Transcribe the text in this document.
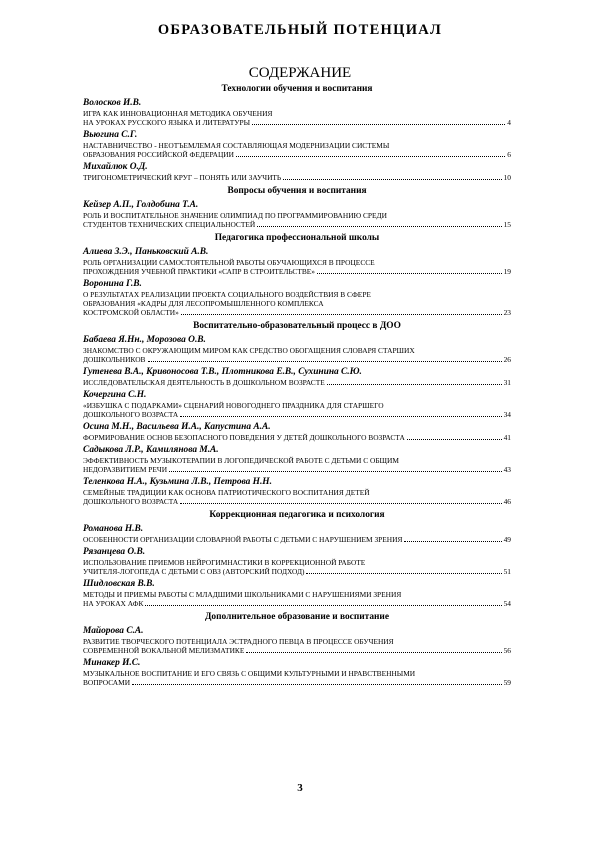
ОБРАЗОВАТЕЛЬНЫЙ ПОТЕНЦИАЛ
СОДЕРЖАНИЕ
Технологии обучения и воспитания
Волосков И.В.
ИГРА КАК ИННОВАЦИОННАЯ МЕТОДИКА ОБУЧЕНИЯ
НА УРОКАХ РУССКОГО ЯЗЫКА И ЛИТЕРАТУРЫ	4
Вьюгина С.Г.
НАСТАВНИЧЕСТВО - НЕОТЪЕМЛЕМАЯ СОСТАВЛЯЮЩАЯ МОДЕРНИЗАЦИИ СИСТЕМЫ
ОБРАЗОВАНИЯ РОССИЙСКОЙ ФЕДЕРАЦИИ	6
Михайлюк О.Д.
ТРИГОНОМЕТРИЧЕСКИЙ КРУГ – ПОНЯТЬ ИЛИ ЗАУЧИТЬ	10
Вопросы обучения и воспитания
Кейзер А.П., Голдобина Т.А.
РОЛЬ И ВОСПИТАТЕЛЬНОЕ ЗНАЧЕНИЕ ОЛИМПИАД ПО ПРОГРАММИРОВАНИЮ СРЕДИ
СТУДЕНТОВ ТЕХНИЧЕСКИХ СПЕЦИАЛЬНОСТЕЙ	15
Педагогика профессиональной школы
Алиева З.Э., Паньковский А.В.
РОЛЬ ОРГАНИЗАЦИИ САМОСТОЯТЕЛЬНОЙ РАБОТЫ ОБУЧАЮЩИХСЯ В ПРОЦЕССЕ
ПРОХОЖДЕНИЯ УЧЕБНОЙ ПРАКТИКИ «САПР В СТРОИТЕЛЬСТВЕ»	19
Воронина Г.В.
О РЕЗУЛЬТАТАХ РЕАЛИЗАЦИИ ПРОЕКТА СОЦИАЛЬНОГО ВОЗДЕЙСТВИЯ В СФЕРЕ
ОБРАЗОВАНИЯ «КАДРЫ ДЛЯ ЛЕСОПРОМЫШЛЕННОГО КОМПЛЕКСА
КОСТРОМСКОЙ ОБЛАСТИ»	23
Воспитательно-образовательный процесс в ДОО
Бабаева Я.Нн., Морозова О.В.
ЗНАКОМСТВО С ОКРУЖАЮЩИМ МИРОМ КАК СРЕДСТВО ОБОГАЩЕНИЯ СЛОВАРЯ СТАРШИХ
ДОШКОЛЬНИКОВ	26
Гутенева В.А., Кривоносова Т.В., Плотникова Е.В., Сухинина С.Ю.
ИССЛЕДОВАТЕЛЬСКАЯ ДЕЯТЕЛЬНОСТЬ В ДОШКОЛЬНОМ ВОЗРАСТЕ	31
Кочергина С.Н.
«ИЗБУШКА С ПОДАРКАМИ» СЦЕНАРИЙ НОВОГОДНЕГО ПРАЗДНИКА ДЛЯ СТАРШЕГО
ДОШКОЛЬНОГО ВОЗРАСТА	34
Осина М.Н., Васильева И.А., Капустина А.А.
ФОРМИРОВАНИЕ ОСНОВ БЕЗОПАСНОГО ПОВЕДЕНИЯ У ДЕТЕЙ ДОШКОЛЬНОГО ВОЗРАСТА	41
Садыкова Л.Р., Камилянова М.А.
ЭФФЕКТИВНОСТЬ МУЗЫКОТЕРАПИИ В ЛОГОПЕДИЧЕСКОЙ РАБОТЕ С ДЕТЬМИ С ОБЩИМ
НЕДОРАЗВИТИЕМ РЕЧИ	43
Теленкова Н.А., Кузьмина Л.В., Петрова Н.Н.
СЕМЕЙНЫЕ ТРАДИЦИИ КАК ОСНОВА ПАТРИОТИЧЕСКОГО ВОСПИТАНИЯ ДЕТЕЙ
ДОШКОЛЬНОГО ВОЗРАСТА	46
Коррекционная педагогика и психология
Романова Н.В.
ОСОБЕННОСТИ ОРГАНИЗАЦИИ СЛОВАРНОЙ РАБОТЫ С ДЕТЬМИ С НАРУШЕНИЕМ ЗРЕНИЯ	49
Рязанцева О.В.
ИСПОЛЬЗОВАНИЕ ПРИЕМОВ НЕЙРОГИМНАСТИКИ В КОРРЕКЦИОННОЙ РАБОТЕ
УЧИТЕЛЯ-ЛОГОПЕДА С ДЕТЬМИ С ОВЗ (АВТОРСКИЙ ПОДХОД)	51
Шидловская В.В.
МЕТОДЫ И ПРИЕМЫ РАБОТЫ С МЛАДШИМИ ШКОЛЬНИКАМИ С НАРУШЕНИЯМИ ЗРЕНИЯ
НА УРОКАХ АФК	54
Дополнительное образование и воспитание
Майорова С.А.
РАЗВИТИЕ ТВОРЧЕСКОГО ПОТЕНЦИАЛА ЭСТРАДНОГО ПЕВЦА В ПРОЦЕССЕ ОБУЧЕНИЯ
СОВРЕМЕННОЙ ВОКАЛЬНОЙ МЕЛИЗМАТИКЕ	56
Минакер И.С.
МУЗЫКАЛЬНОЕ ВОСПИТАНИЕ И ЕГО СВЯЗЬ С ОБЩИМИ КУЛЬТУРНЫМИ И НРАВСТВЕННЫМИ
ВОПРОСАМИ	59
3
